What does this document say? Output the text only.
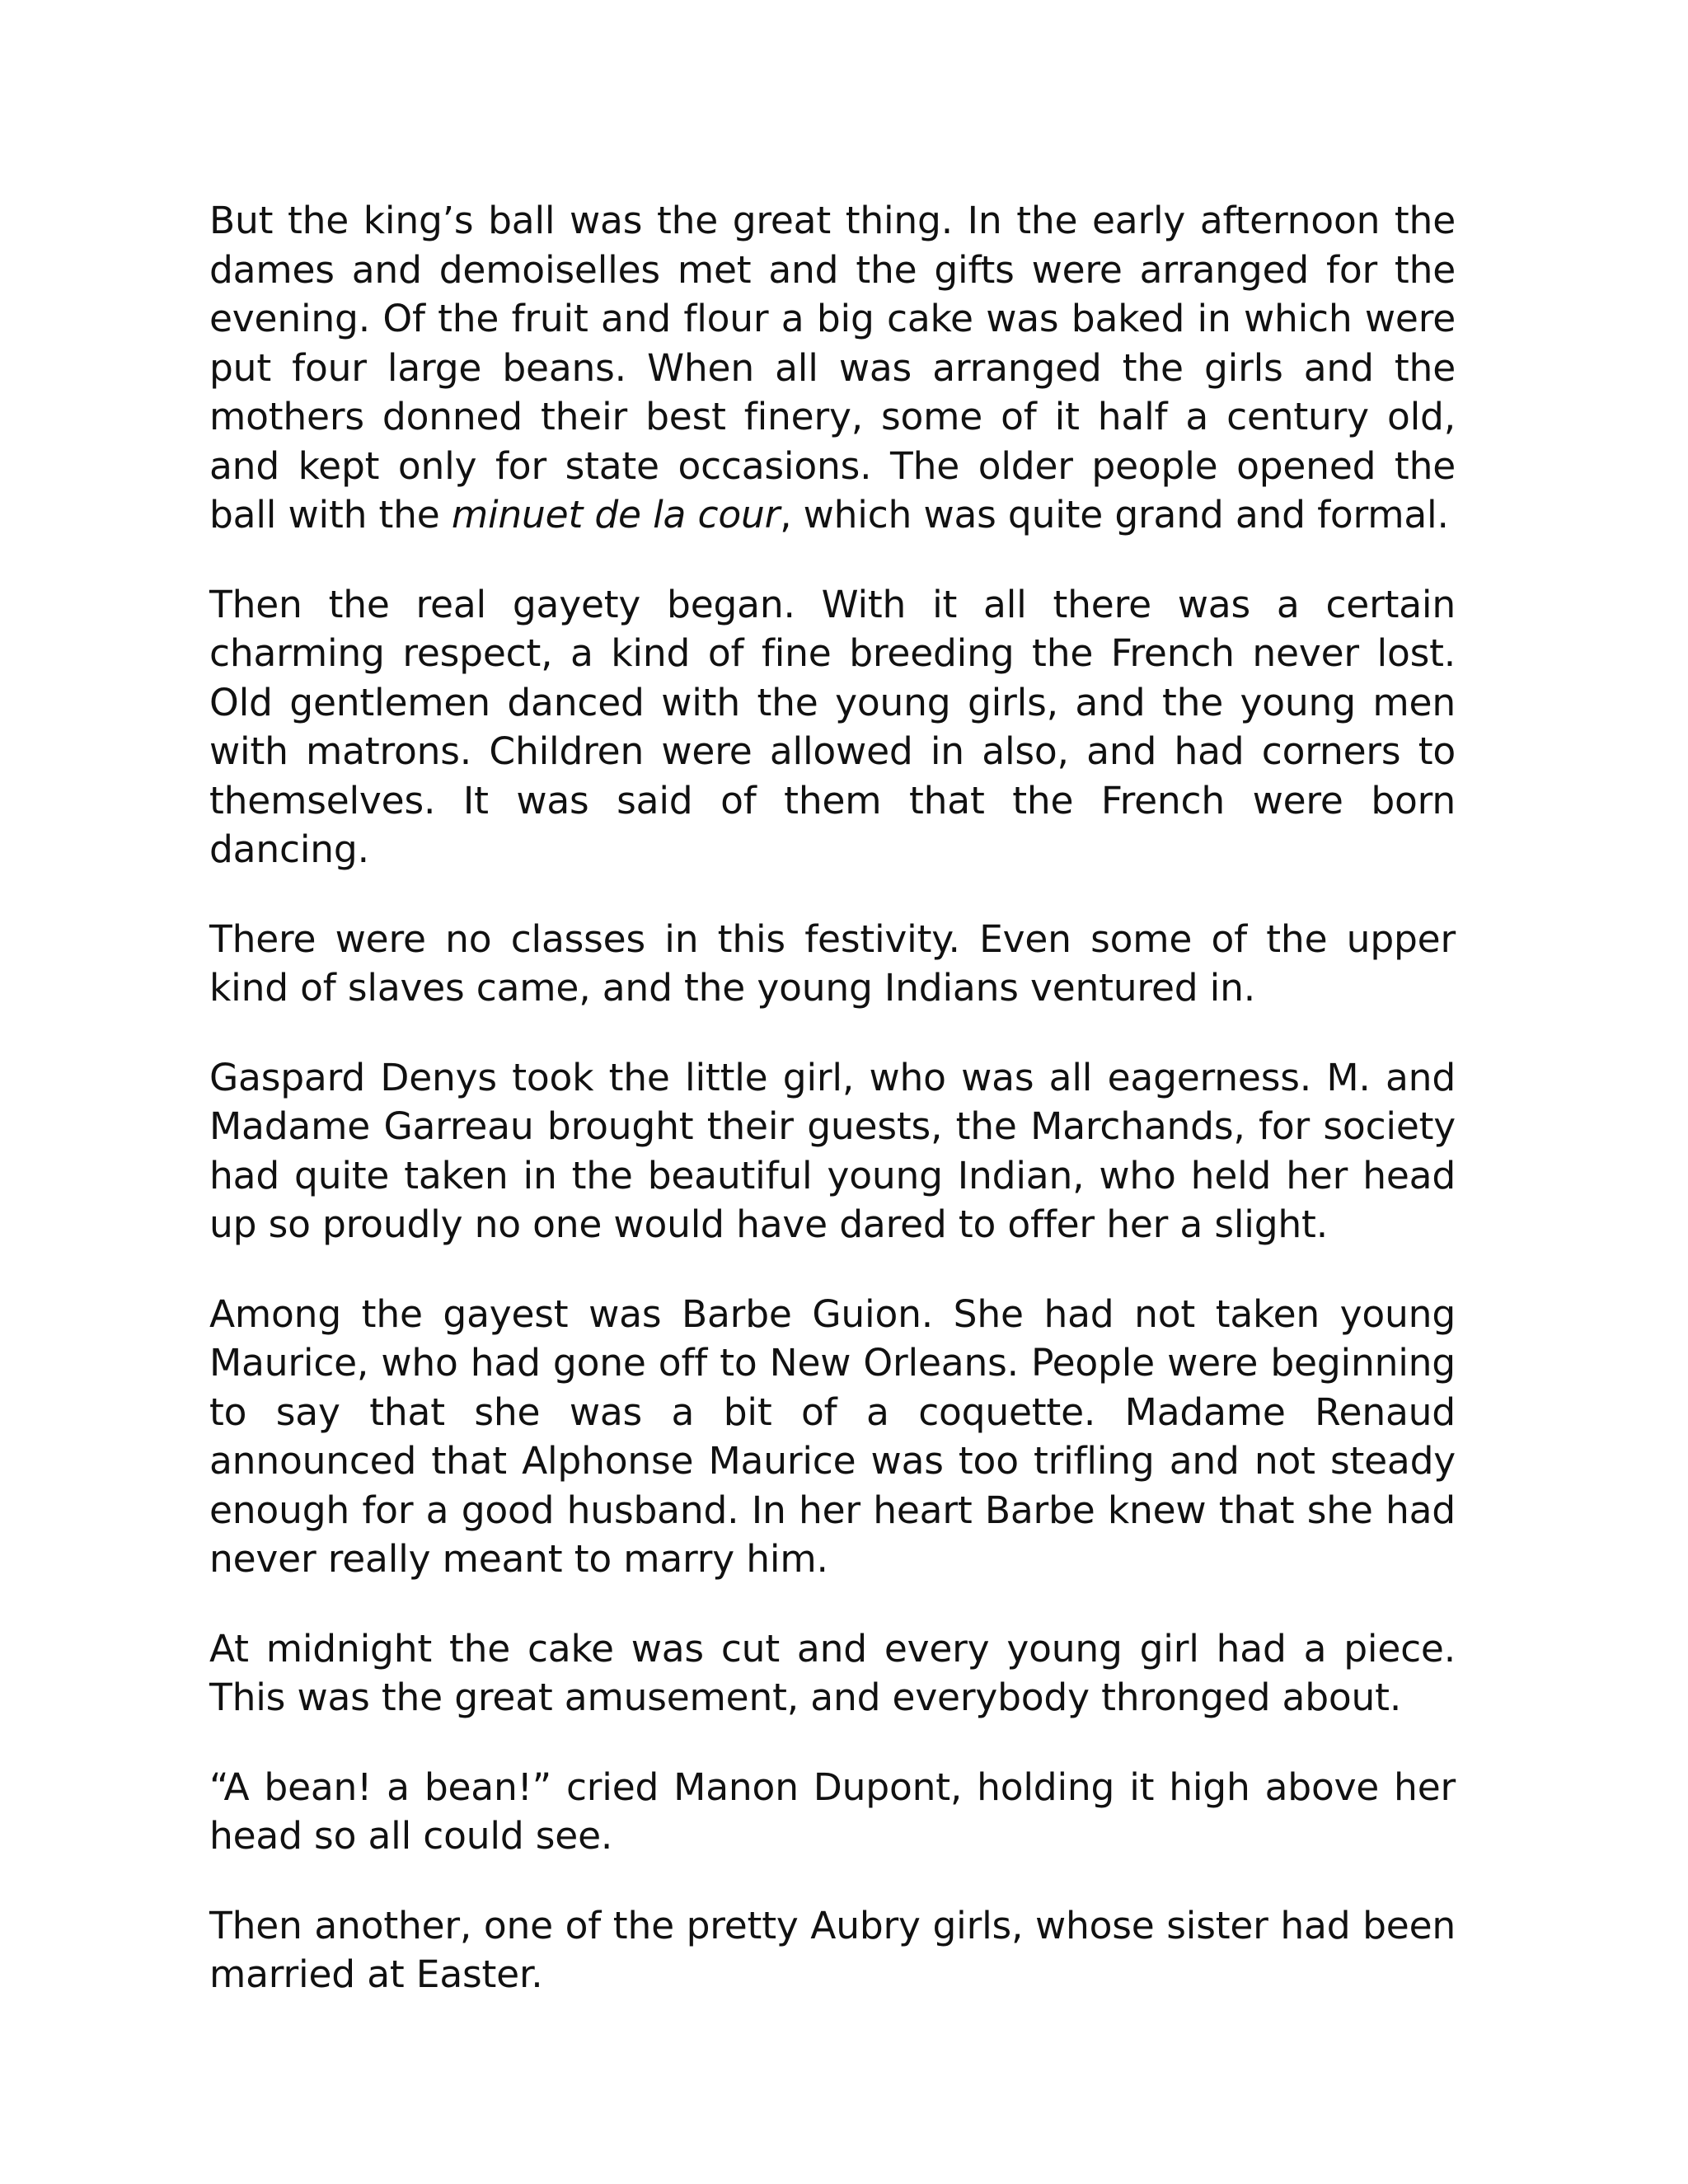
But the king’s ball was the great thing. In the early afternoon the dames and demoiselles met and the gifts were arranged for the evening. Of the fruit and flour a big cake was baked in which were put four large beans. When all was arranged the girls and the mothers donned their best finery, some of it half a century old, and kept only for state occasions. The older people opened the ball with the minuet de la cour, which was quite grand and formal.

Then the real gayety began. With it all there was a certain charming respect, a kind of fine breeding the French never lost. Old gentlemen danced with the young girls, and the young men with matrons. Children were allowed in also, and had corners to themselves. It was said of them that the French were born dancing.

There were no classes in this festivity. Even some of the upper kind of slaves came, and the young Indians ventured in.

Gaspard Denys took the little girl, who was all eagerness. M. and Madame Garreau brought their guests, the Marchands, for society had quite taken in the beautiful young Indian, who held her head up so proudly no one would have dared to offer her a slight.

Among the gayest was Barbe Guion. She had not taken young Maurice, who had gone off to New Orleans. People were beginning to say that she was a bit of a coquette. Madame Renaud announced that Alphonse Maurice was too trifling and not steady enough for a good husband. In her heart Barbe knew that she had never really meant to marry him.

At midnight the cake was cut and every young girl had a piece. This was the great amusement, and everybody thronged about.

“A bean! a bean!” cried Manon Dupont, holding it high above her head so all could see.

Then another, one of the pretty Aubry girls, whose sister had been married at Easter.
